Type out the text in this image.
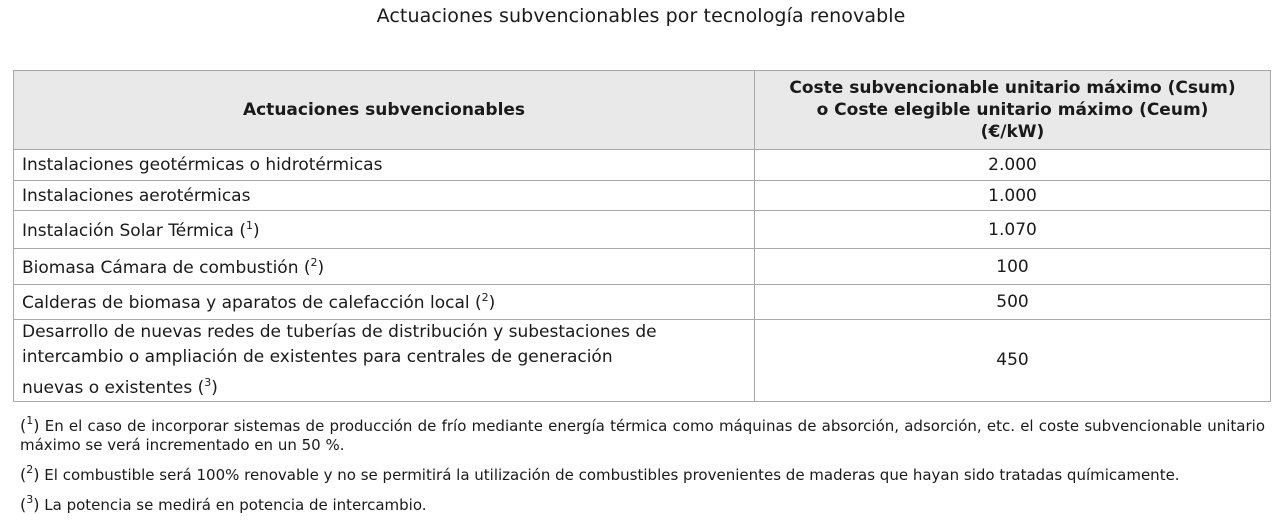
Actuaciones subvencionables por tecnología renovable
Actuaciones subvencionables	Coste subvencionable unitario máximo (Csum)
o Coste elegible unitario máximo (Ceum)
(€/kW)

Instalaciones geotérmicas o hidrotérmicas	2.000
Instalaciones aerotérmicas	1.000
Instalación Solar Térmica ($^1$)	1.070
Biomasa Cámara de combustión ($^2$)	100
Calderas de biomasa y aparatos de calefacción local ($^2$)	500

Desarrollo de nuevas redes de tuberías de distribución y subestaciones de
intercambio o ampliación de existentes para centrales de generación
nuevas o existentes ($^3$)	450
($^1$) En el caso de incorporar sistemas de producción de frío mediante energía térmica como máquinas de absorción, adsorción, etc. el coste subvencionable unitario máximo se verá incrementado en un 50 %.
($^2$) El combustible será 100% renovable y no se permitirá la utilización de combustibles provenientes de maderas que hayan sido tratadas químicamente.
($^3$) La potencia se medirá en potencia de intercambio.
